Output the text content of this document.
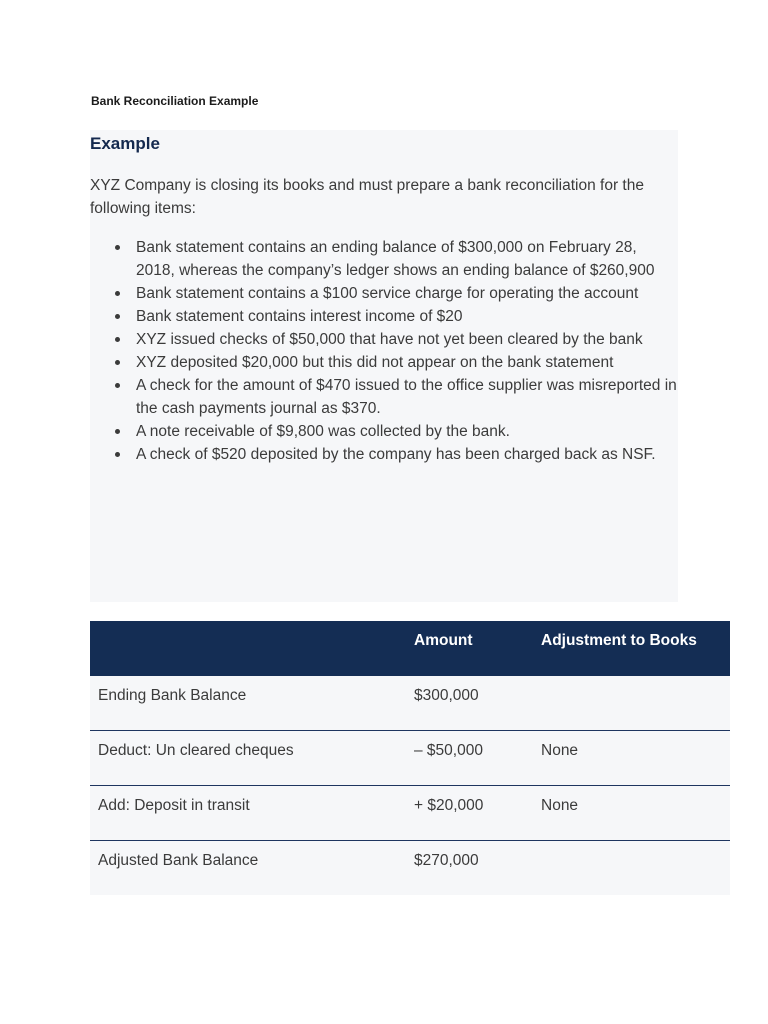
Bank Reconciliation Example
Example

XYZ Company is closing its books and must prepare a bank reconciliation for the following items:

Bank statement contains an ending balance of $300,000 on February 28, 2018, whereas the company’s ledger shows an ending balance of $260,900
Bank statement contains a $100 service charge for operating the account
Bank statement contains interest income of $20
XYZ issued checks of $50,000 that have not yet been cleared by the bank
XYZ deposited $20,000 but this did not appear on the bank statement
A check for the amount of $470 issued to the office supplier was misreported in the cash payments journal as $370.
A note receivable of $9,800 was collected by the bank.
A check of $520 deposited by the company has been charged back as NSF.

	Amount	Adjustment to Books

Ending Bank Balance	$300,000	

Deduct: Un cleared cheques	– $50,000	None

Add: Deposit in transit	+ $20,000	None

Adjusted Bank Balance	$270,000	
